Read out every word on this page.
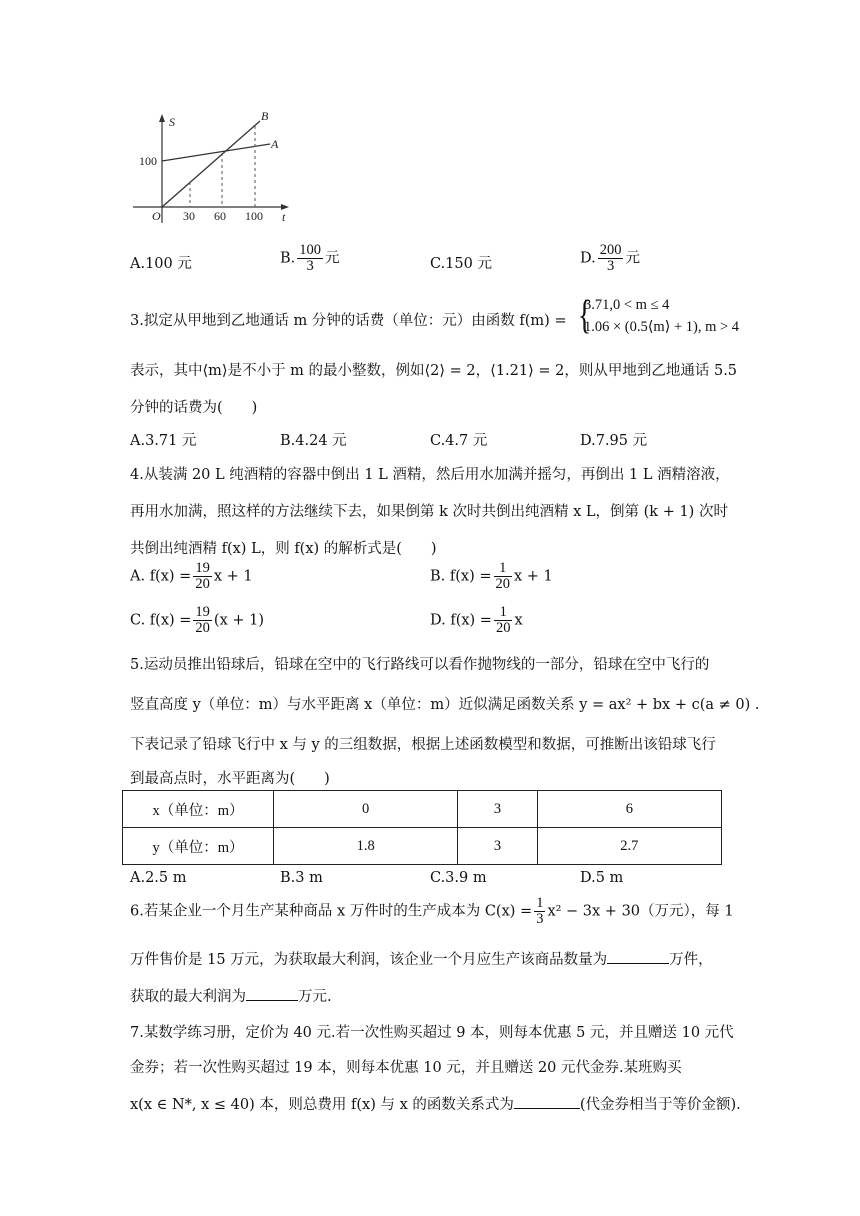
S
t
O
100
30 60 100
A
B
A.100 元	B. $\frac{100}{3}$ 元	C.150 元	D. $\frac{200}{3}$ 元
3.拟定从甲地到乙地通话 m 分钟的话费（单位：元）由函数 f(m) = {
3.71,0 < m ≤ 4
1.06 × (0.5⟨m⟩ + 1), m > 4
表示，其中⟨m⟩是不小于 m 的最小整数，例如⟨2⟩ = 2，⟨1.21⟩ = 2，则从甲地到乙地通话 5.5
分钟的话费为(　　)
A.3.71 元	B.4.24 元	C.4.7 元	D.7.95 元
4.从装满 20 L 纯酒精的容器中倒出 1 L 酒精，然后用水加满并摇匀，再倒出 1 L 酒精溶液，
再用水加满，照这样的方法继续下去，如果倒第 k 次时共倒出纯酒精 x L，倒第 (k + 1) 次时
共倒出纯酒精 f(x) L，则 f(x) 的解析式是(　　)
A. $f(x) = \frac{19}{20}$ x + 1	B. $f(x) = \frac{1}{20}$ x + 1
C. $f(x) = \frac{19}{20} (x + 1)$	D. $f(x) = \frac{1}{20}$ x
5.运动员推出铅球后，铅球在空中的飞行路线可以看作抛物线的一部分，铅球在空中飞行的
竖直高度 y（单位：m）与水平距离 x（单位：m）近似满足函数关系 y = ax² + bx + c(a ≠ 0) .
下表记录了铅球飞行中 x 与 y 的三组数据，根据上述函数模型和数据，可推断出该铅球飞行
到最高点时，水平距离为(　　)
x（单位：m）	0	3	6
y（单位：m）	1.8	3	2.7
A.2.5 m	B.3 m	C.3.9 m	D.5 m
6.若某企业一个月生产某种商品 x 万件时的生产成本为 $C(x) = \frac{1}{3} x^2 - 3x + 30$（万元），每 1
万件售价是 15 万元，为获取最大利润，该企业一个月应生产该商品数量为	万件，
获取的最大利润为	万元.
7.某数学练习册，定价为 40 元.若一次性购买超过 9 本，则每本优惠 5 元，并且赠送 10 元代
金券；若一次性购买超过 19 本，则每本优惠 10 元，并且赠送 20 元代金券.某班购买
x(x ∈ N*, x ≤ 40) 本，则总费用 f(x) 与 x 的函数关系式为	(代金券相当于等价金额).
